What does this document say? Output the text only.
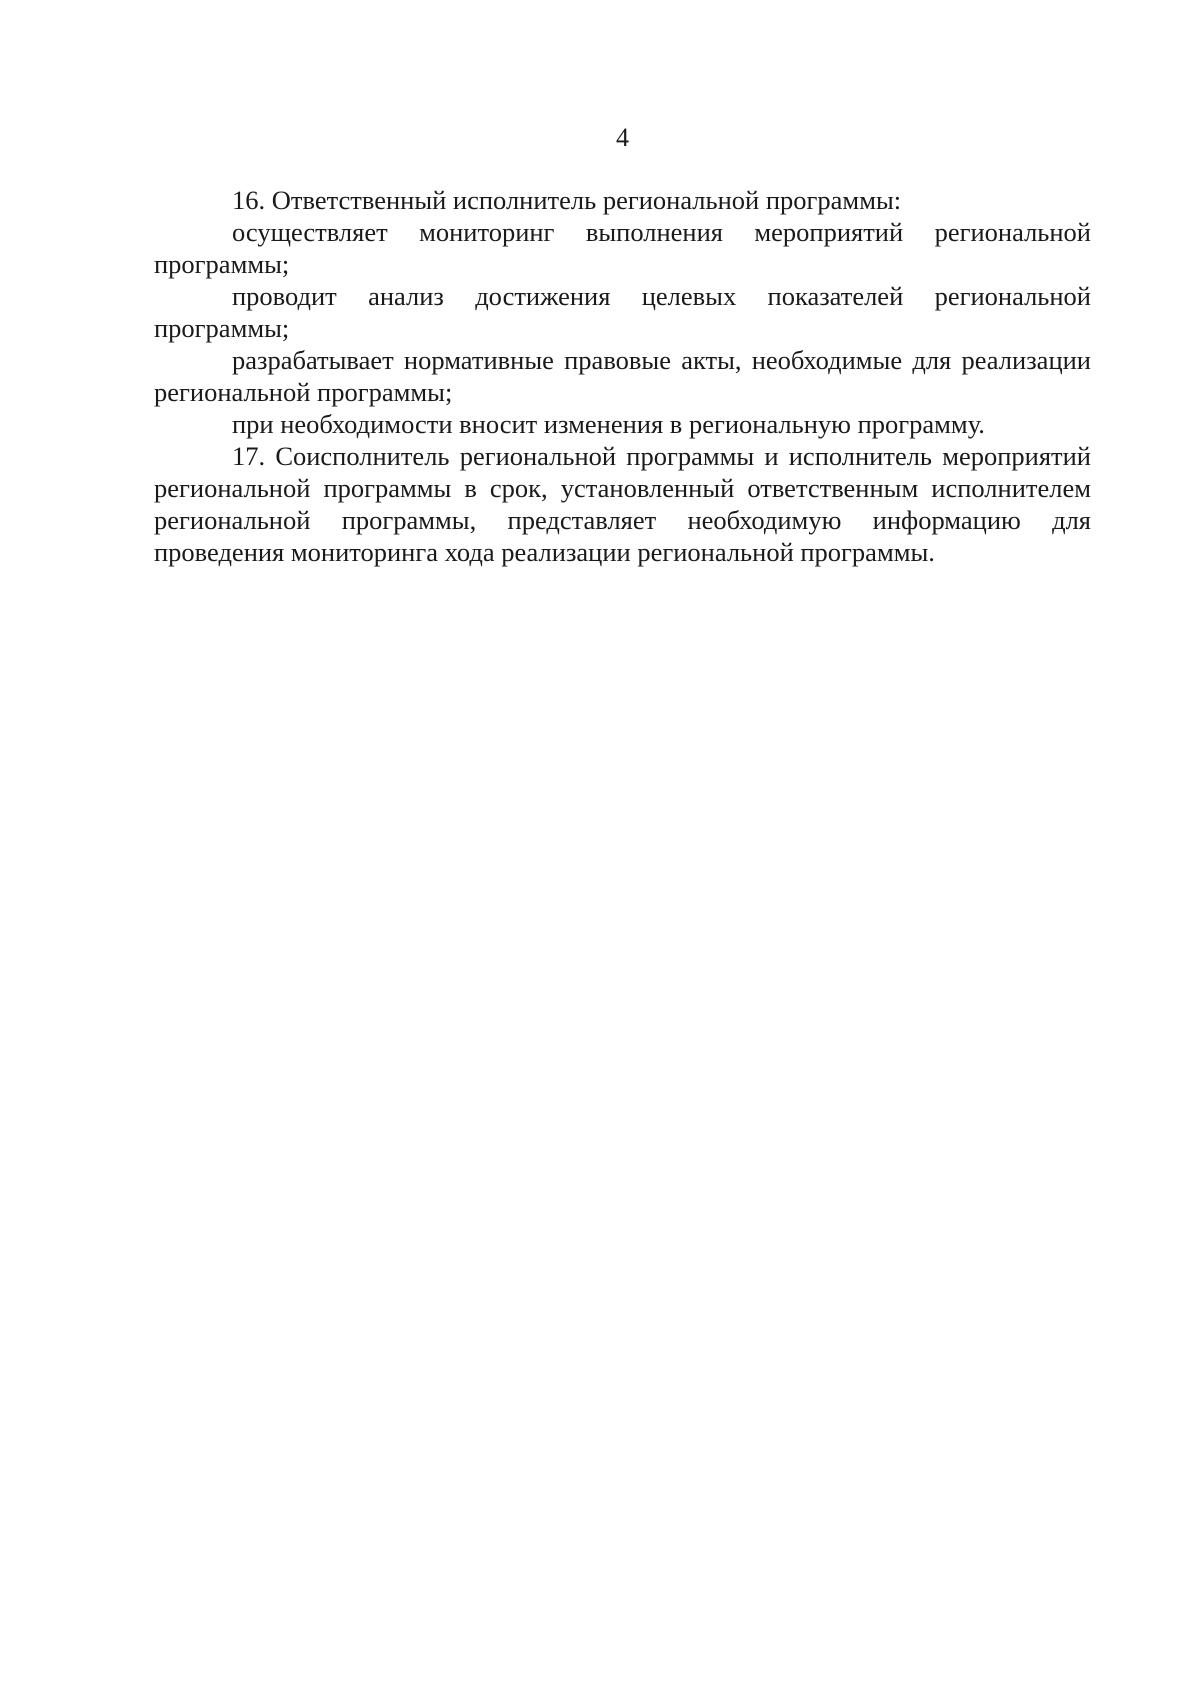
4

16. Ответственный исполнитель региональной программы:

осуществляет мониторинг выполнения мероприятий региональной программы;

проводит анализ достижения целевых показателей региональной программы;

разрабатывает нормативные правовые акты, необходимые для реализации региональной программы;

при необходимости вносит изменения в региональную программу.

17. Соисполнитель региональной программы и исполнитель мероприятий региональной программы в срок, установленный ответственным исполнителем региональной программы, представляет необходимую информацию для проведения мониторинга хода реализации региональной программы.
